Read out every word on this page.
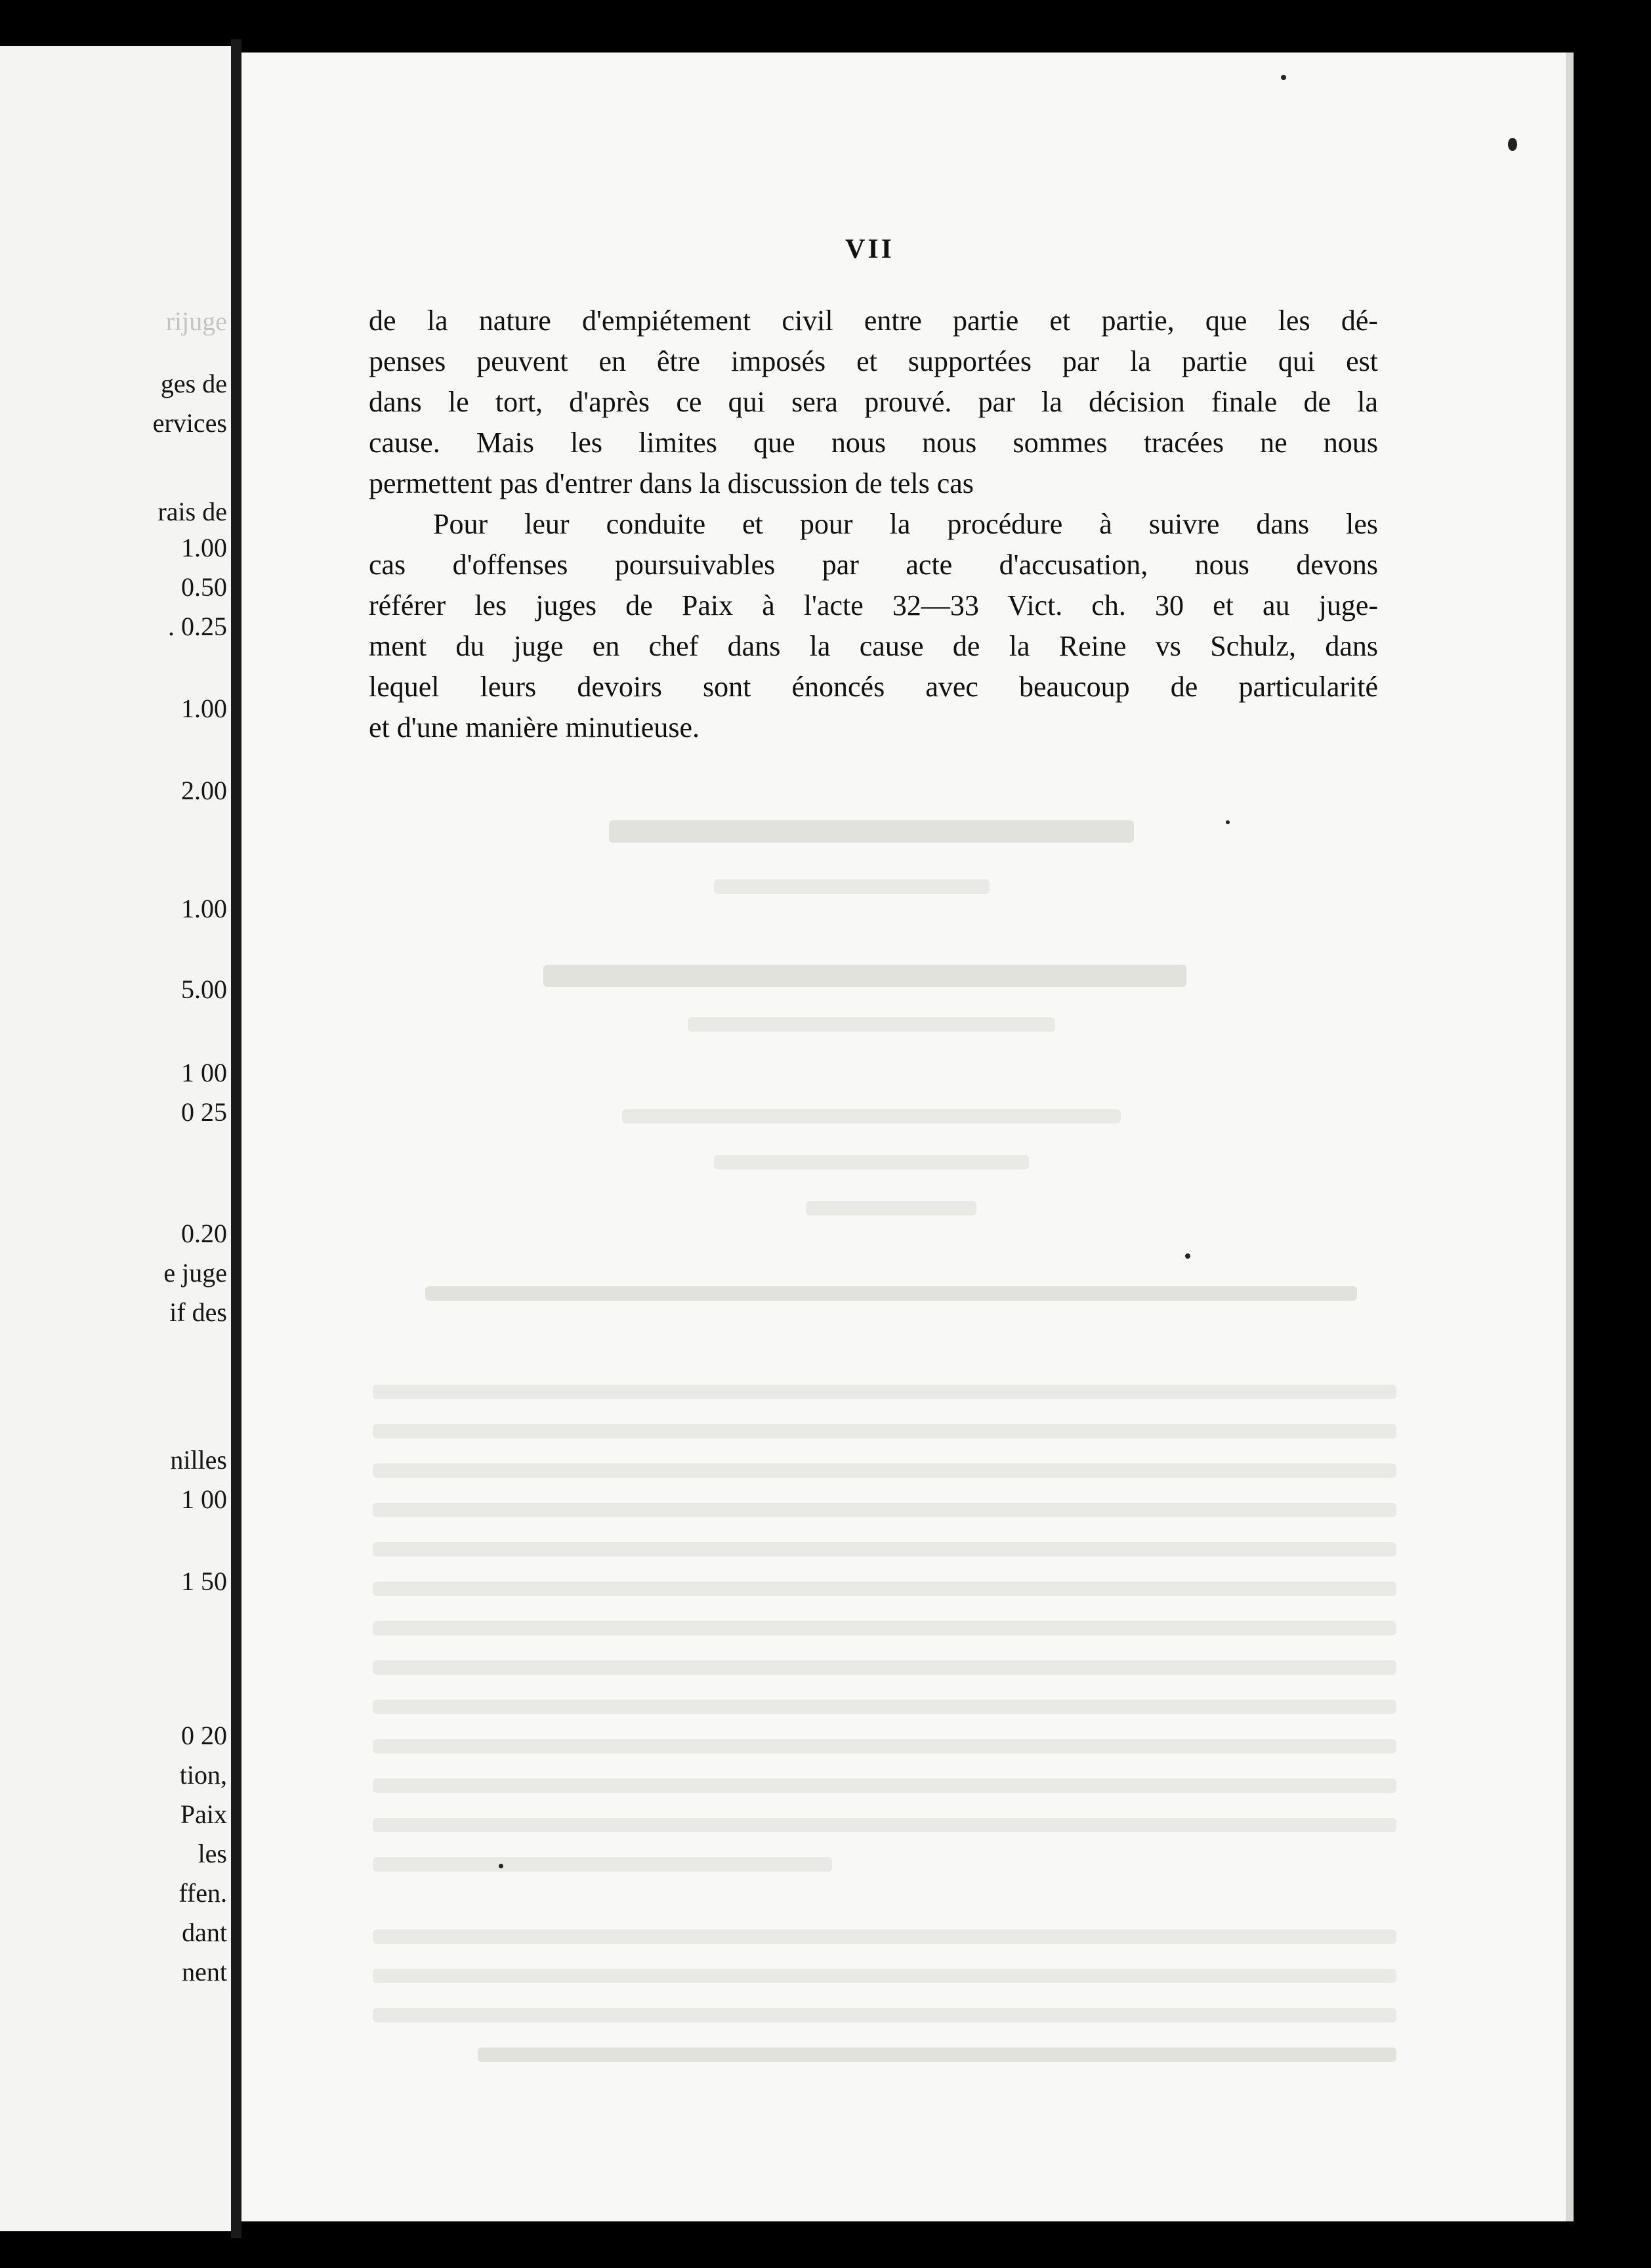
rijuge
ges de
ervices
rais de
1.00
0.50
. 0.25
1.00
2.00
1.00
5.00
1 00
0 25
0.20
e juge
if des
nilles
1 00
1 50
0 20
tion,
Paix
les
ffen.
dant
nent
VII
de la nature d'empiétement civil entre partie et partie, que les dé-
penses peuvent en être imposés et supportées par la partie qui est
dans le tort, d'après ce qui sera prouvé. par la décision finale de la
cause. Mais les limites que nous nous sommes tracées ne nous
permettent pas d'entrer dans la discussion de tels cas
Pour leur conduite et pour la procédure à suivre dans les
cas d'offenses poursuivables par acte d'accusation, nous devons
référer les juges de Paix à l'acte 32—33 Vict. ch. 30 et au juge-
ment du juge en chef dans la cause de la Reine vs Schulz, dans
lequel leurs devoirs sont énoncés avec beaucoup de particularité
et d'une manière minutieuse.
